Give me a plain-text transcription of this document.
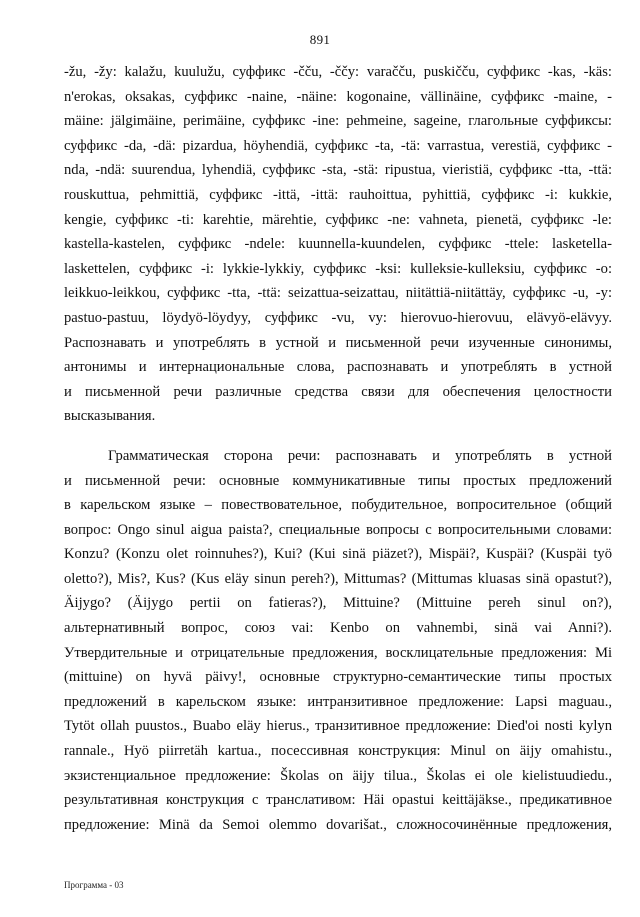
891
-žu, -žy: kalažu, kuulužu, суффикс -čču, -ččy: varačču, puskičču, суффикс -kas, -käs:
n'erokas, oksakas, суффикс -naine, -näine: kogonaine, vällinäine, суффикс -maine, -
mäine: jälgimäine, perimäine, суффикс -ine: pehmeine, sageine, глагольные суффиксы:
суффикс -da, -dä: pizardua, höyhendiä, суффикс -ta, -tä: varrastua, verestiä, суффикс -
nda, -ndä: suurendua, lyhendiä, суффикс -sta, -stä: ripustua, vieristiä, суффикс -tta, -ttä:
rouskuttua, pehmittiä, суффикс -ittä, -ittä: rauhoittua, pyhittiä, суффикс -i: kukkie,
kengie, суффикс -ti: karehtie, märehtie, суффикс -ne: vahneta, pienetä, суффикс -le:
kastella-kastelen, суффикс -ndele: kuunnella-kuundelen, суффикс -ttele: lasketella-
laskettelen, суффикс -i: lykkie-lykkiy, суффикс -ksi: kulleksie-kulleksiu, суффикс -o:
leikkuo-leikkou, суффикс -tta, -ttä: seizattua-seizattau, niitättiä-niitättäy, суффикс -u, -y:
pastuo-pastuu, löydyö-löydyy, суффикс -vu, vy: hierovuo-hierovuu, elävyö-elävyy.
Распознавать и употреблять в устной и письменной речи изученные синонимы,
антонимы и интернациональные слова, распознавать и употреблять в устной
и письменной речи различные средства связи для обеспечения целостности
высказывания.
Грамматическая сторона речи: распознавать и употреблять в устной
и письменной речи: основные коммуникативные типы простых предложений
в карельском языке – повествовательное, побудительное, вопросительное (общий
вопрос: Ongo sinul aigua paista?, специальные вопросы с вопросительными словами:
Konzu? (Konzu olet roinnuhes?), Kui? (Kui sinä piäzet?), Mispäi?, Kuspäi? (Kuspäi työ
oletto?), Mis?, Kus? (Kus eläy sinun pereh?), Mittumas? (Mittumas kluasas sinä opastut?),
Äijygo? (Äijygo pertii on fatieras?), Mittuine? (Mittuine pereh sinul on?),
альтернативный вопрос, союз vai: Kenbo on vahnembi, sinä vai Anni?).
Утвердительные и отрицательные предложения, восклицательные предложения: Mi
(mittuine) on hyvä päivy!, основные структурно-семантические типы простых
предложений в карельском языке: интранзитивное предложение: Lapsi maguau.,
Tytöt ollah puustos., Buabo eläy hierus., транзитивное предложение: Died'oi nosti kylyn
rannale., Hyö piirretäh kartua., посессивная конструкция: Minul on äijy omahistu.,
экзистенциальное предложение: Školas on äijy tilua., Školas ei ole kielistuudiedu.,
результативная конструкция с транслативом: Häi opastui keittäjäkse., предикативное
предложение: Minä da Semoi olemmo dovarišat., сложносочинённые предложения,
Программа - 03
